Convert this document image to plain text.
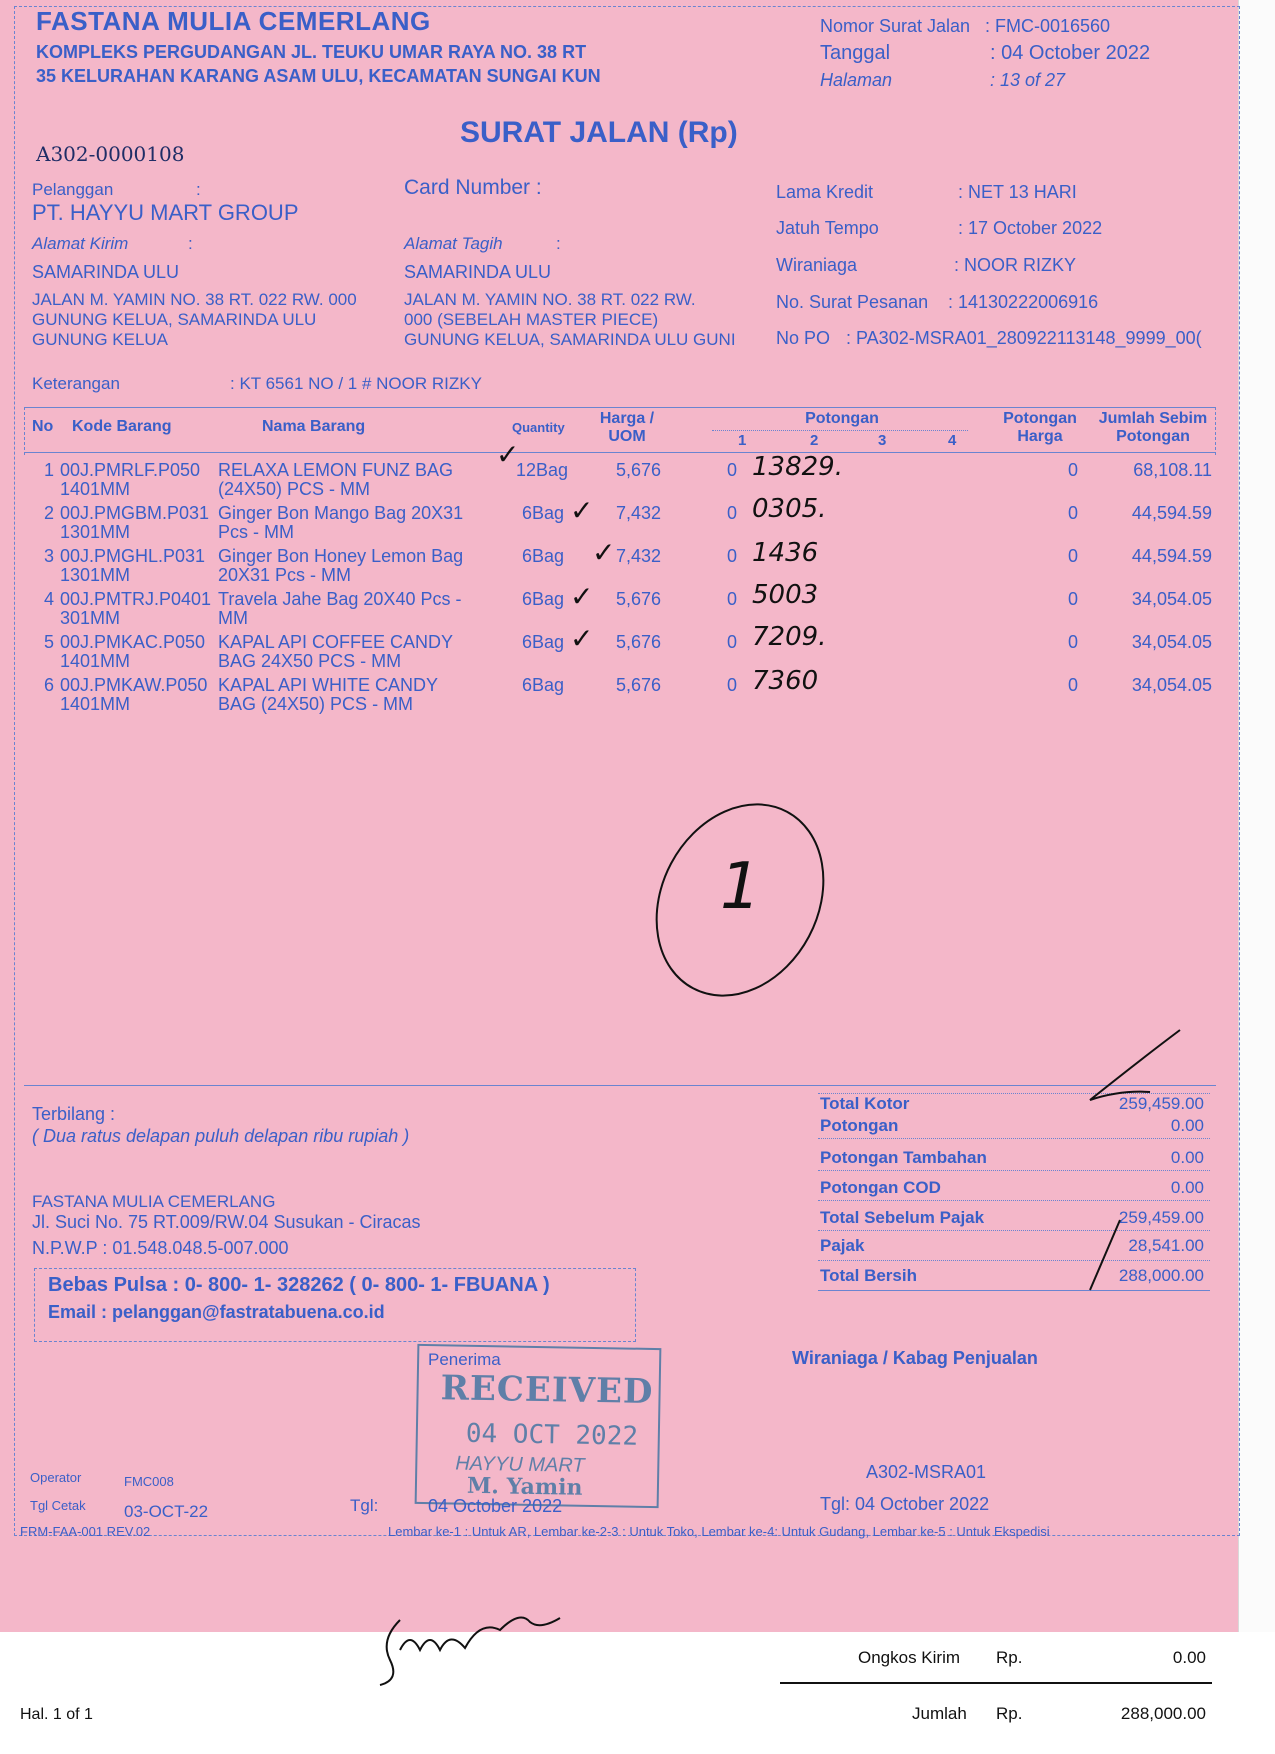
FASTANA MULIA CEMERLANG
KOMPLEKS PERGUDANGAN JL. TEUKU UMAR RAYA NO. 38 RT
35 KELURAHAN KARANG ASAM ULU, KECAMATAN SUNGAI KUN
Nomor Surat Jalan : FMC-0016560
Tanggal	: 04 October 2022
Halaman	: 13 of 27
SURAT JALAN (Rp)
A302-0000108
Pelanggan	:
PT. HAYYU MART GROUP
Alamat Kirim	:
SAMARINDA ULU
JALAN M. YAMIN NO. 38 RT. 022 RW. 000
GUNUNG KELUA, SAMARINDA ULU
GUNUNG KELUA
Card Number :
Alamat Tagih	:
SAMARINDA ULU
JALAN M. YAMIN NO. 38 RT. 022 RW.
000 (SEBELAH MASTER PIECE)
GUNUNG KELUA, SAMARINDA ULU GUNI
Lama Kredit	: NET 13 HARI
Jatuh Tempo	: 17 October 2022
Wiraniaga	: NOOR RIZKY
No. Surat Pesanan : 14130222006916
No PO : PA302-MSRA01_280922113148_9999_00(
Keterangan	: KT 6561 NO / 1 # NOOR RIZKY
No Kode Barang	Nama Barang	Quantity
Harga /
UOM
Potongan
1	2	3	4
Potongan
Harga
Jumlah Sebim
Potongan
1 00J.PMRLF.P050
1401MM
RELAXA LEMON FUNZ BAG
(24X50) PCS - MM
12Bag	5,676	0 13829.	0	68,108.11
2 00J.PMGBM.P031
1301MM
Ginger Bon Mango Bag 20X31
Pcs - MM
6Bag	7,432	0 0305.	0	44,594.59
3 00J.PMGHL.P031
1301MM
Ginger Bon Honey Lemon Bag
20X31 Pcs - MM
6Bag	7,432	0 1436	0	44,594.59
4 00J.PMTRJ.P0401
301MM
Travela Jahe Bag 20X40 Pcs -
MM
6Bag	5,676	0 5003	0	34,054.05
5 00J.PMKAC.P050
1401MM
KAPAL API COFFEE CANDY
BAG 24X50 PCS - MM
6Bag	5,676	0 7209.	0	34,054.05
6 00J.PMKAW.P050
1401MM
KAPAL API WHITE CANDY
BAG (24X50) PCS - MM
6Bag	5,676	0 7360	0	34,054.05
✓
✓
✓
✓
✓
1
Terbilang :
( Dua ratus delapan puluh delapan ribu rupiah )
FASTANA MULIA CEMERLANG
Jl. Suci No. 75 RT.009/RW.04 Susukan - Ciracas
N.P.W.P : 01.548.048.5-007.000
Bebas Pulsa : 0- 800- 1- 328262 ( 0- 800- 1- FBUANA )
Email : pelanggan@fastratabuena.co.id
Total Kotor	259,459.00
Potongan	0.00
Potongan Tambahan	0.00
Potongan COD	0.00
Total Sebelum Pajak	259,459.00
Pajak	28,541.00
Total Bersih	288,000.00
Penerima	Wiraniaga / Kabag Penjualan
RECEIVED
04 OCT 2022
HAYYU MART
M. Yamin
A302-MSRA01
Operator	FMC008
Tgl Cetak 03-OCT-22	Tgl:	04 October 2022	Tgl: 04 October 2022
FRM-FAA-001 REV.02	Lembar ke-1 : Untuk AR, Lembar ke-2-3 : Untuk Toko, Lembar ke-4: Untuk Gudang, Lembar ke-5 : Untuk Ekspedisi
Hal. 1 of 1
Ongkos Kirim Rp.	0.00
Jumlah Rp.	288,000.00
